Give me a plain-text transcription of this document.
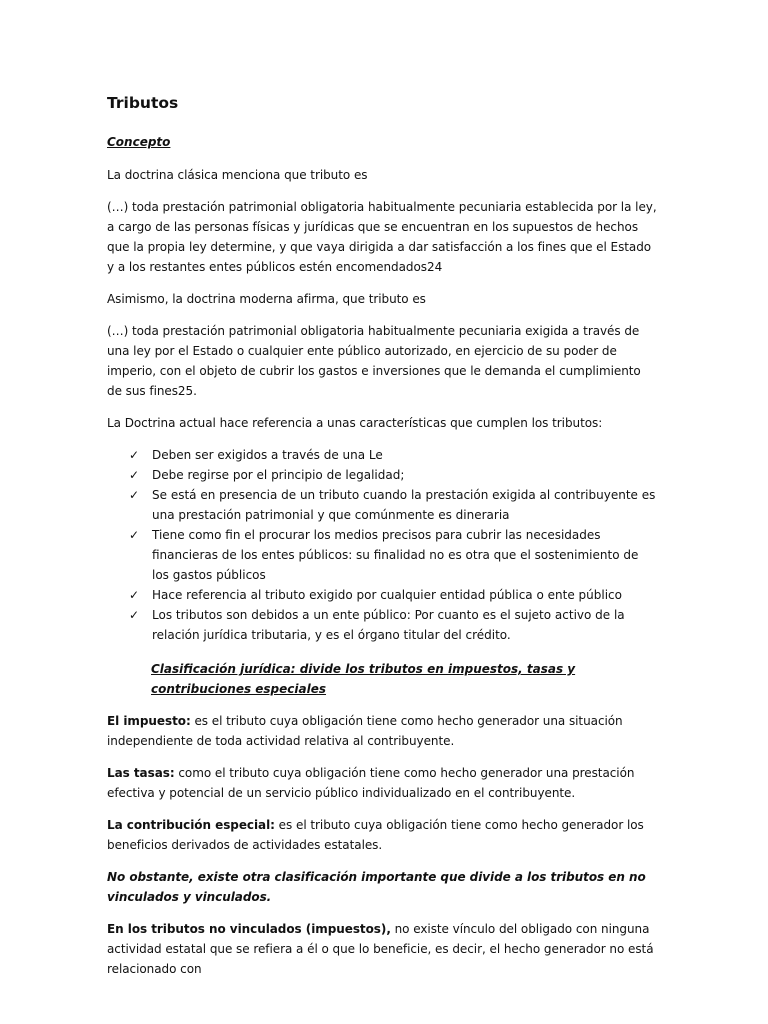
Tributos
Concepto

La doctrina clásica menciona que tributo es

(…) toda prestación patrimonial obligatoria habitualmente pecuniaria establecida por la ley, a cargo de las personas físicas y jurídicas que se encuentran en los supuestos de hechos que la propia ley determine, y que vaya dirigida a dar satisfacción a los fines que el Estado y a los restantes entes públicos estén encomendados24

Asimismo, la doctrina moderna afirma, que tributo es

(…) toda prestación patrimonial obligatoria habitualmente pecuniaria exigida a través de una ley por el Estado o cualquier ente público autorizado, en ejercicio de su poder de imperio, con el objeto de cubrir los gastos e inversiones que le demanda el cumplimiento de sus fines25.

La Doctrina actual hace referencia a unas características que cumplen los tributos:

✓ Deben ser exigidos a través de una Le
✓ Debe regirse por el principio de legalidad;
✓ Se está en presencia de un tributo cuando la prestación exigida al contribuyente es una prestación patrimonial y que comúnmente es dineraria
✓ Tiene como fin el procurar los medios precisos para cubrir las necesidades financieras de los entes públicos: su finalidad no es otra que el sostenimiento de los gastos públicos
✓ Hace referencia al tributo exigido por cualquier entidad pública o ente público
✓ Los tributos son debidos a un ente público: Por cuanto es el sujeto activo de la relación jurídica tributaria, y es el órgano titular del crédito.
Clasificación jurídica: divide los tributos en impuestos, tasas y contribuciones especiales

El impuesto: es el tributo cuya obligación tiene como hecho generador una situación independiente de toda actividad relativa al contribuyente.

Las tasas: como el tributo cuya obligación tiene como hecho generador una prestación efectiva y potencial de un servicio público individualizado en el contribuyente.

La contribución especial: es el tributo cuya obligación tiene como hecho generador los beneficios derivados de actividades estatales.

No obstante, existe otra clasificación importante que divide a los tributos en no vinculados y vinculados.

En los tributos no vinculados (impuestos), no existe vínculo del obligado con ninguna actividad estatal que se refiera a él o que lo beneficie, es decir, el hecho generador no está relacionado con
